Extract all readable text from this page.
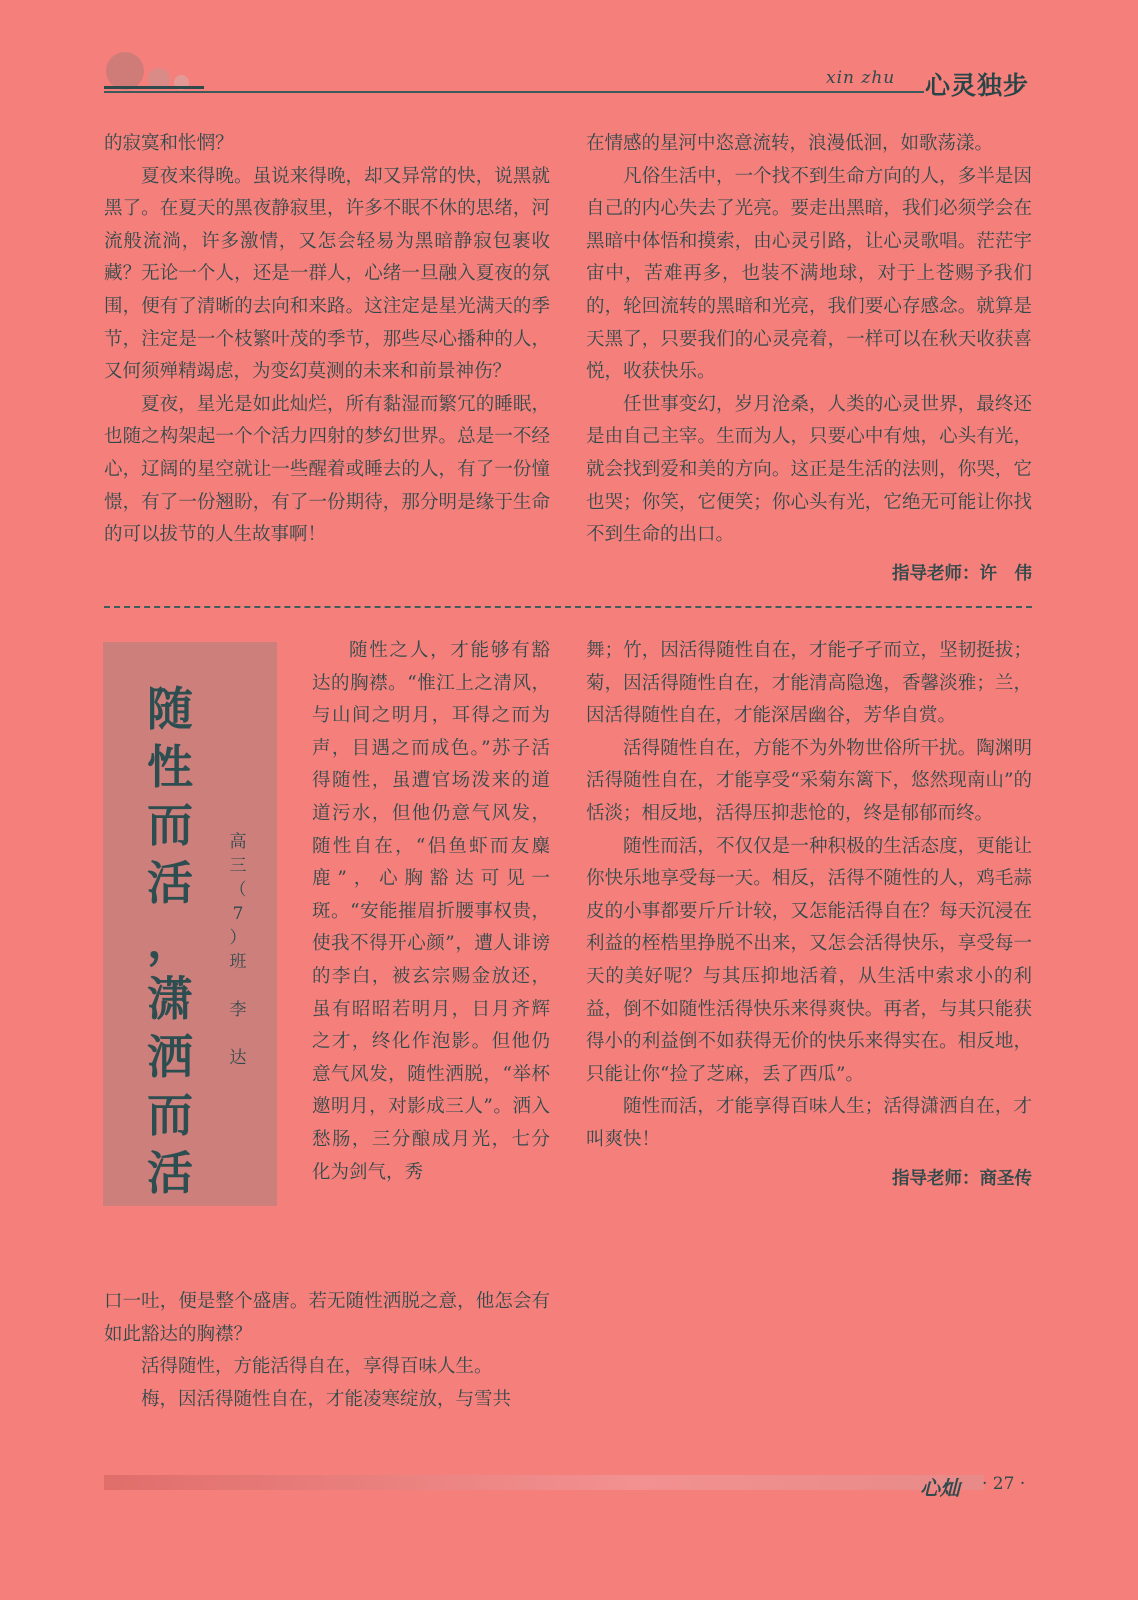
xin zhu 心灵独步

的寂寞和怅惘？

夏夜来得晚。虽说来得晚，却又异常的快，说黑就黑了。在夏天的黑夜静寂里，许多不眠不休的思绪，河流般流淌，许多激情，又怎会轻易为黑暗静寂包裹收藏？无论一个人，还是一群人，心绪一旦融入夏夜的氛围，便有了清晰的去向和来路。这注定是星光满天的季节，注定是一个枝繁叶茂的季节，那些尽心播种的人，又何须殚精竭虑，为变幻莫测的未来和前景神伤？

夏夜，星光是如此灿烂，所有黏湿而繁冗的睡眠，也随之构架起一个个活力四射的梦幻世界。总是一不经心，辽阔的星空就让一些醒着或睡去的人，有了一份憧憬，有了一份翘盼，有了一份期待，那分明是缘于生命的可以拔节的人生故事啊！

在情感的星河中恣意流转，浪漫低洄，如歌荡漾。

凡俗生活中，一个找不到生命方向的人，多半是因自己的内心失去了光亮。要走出黑暗，我们必须学会在黑暗中体悟和摸索，由心灵引路，让心灵歌唱。茫茫宇宙中，苦难再多，也装不满地球，对于上苍赐予我们的，轮回流转的黑暗和光亮，我们要心存感念。就算是天黑了，只要我们的心灵亮着，一样可以在秋天收获喜悦，收获快乐。

任世事变幻，岁月沧桑，人类的心灵世界，最终还是由自己主宰。生而为人，只要心中有烛，心头有光，就会找到爱和美的方向。这正是生活的法则，你哭，它也哭；你笑，它便笑；你心头有光，它绝无可能让你找不到生命的出口。

指导老师：许　伟

随
性
而
活
，
潇
洒
而
活
高
三
（
7
）
班

李

达

随性之人，才能够有豁达的胸襟。“惟江上之清风，与山间之明月，耳得之而为声，目遇之而成色。”苏子活得随性，虽遭官场泼来的道道污水，但他仍意气风发，随性自在，“侣鱼虾而友麋鹿”，心胸豁达可见一斑。“安能摧眉折腰事权贵，使我不得开心颜”，遭人诽谤的李白，被玄宗赐金放还，虽有昭昭若明月，日月齐辉之才，终化作泡影。但他仍意气风发，随性洒脱，“举杯邀明月，对影成三人”。洒入愁肠，三分酿成月光，七分化为剑气，秀

口一吐，便是整个盛唐。若无随性洒脱之意，他怎会有如此豁达的胸襟？

活得随性，方能活得自在，享得百味人生。

梅，因活得随性自在，才能凌寒绽放，与雪共

舞；竹，因活得随性自在，才能孑孑而立，坚韧挺拔；菊，因活得随性自在，才能清高隐逸，香馨淡雅；兰，因活得随性自在，才能深居幽谷，芳华自赏。

活得随性自在，方能不为外物世俗所干扰。陶渊明活得随性自在，才能享受“采菊东篱下，悠然现南山”的恬淡；相反地，活得压抑悲怆的，终是郁郁而终。

随性而活，不仅仅是一种积极的生活态度，更能让你快乐地享受每一天。相反，活得不随性的人，鸡毛蒜皮的小事都要斤斤计较，又怎能活得自在？每天沉浸在利益的桎梏里挣脱不出来，又怎会活得快乐，享受每一天的美好呢？与其压抑地活着，从生活中索求小的利益，倒不如随性活得快乐来得爽快。再者，与其只能获得小的利益倒不如获得无价的快乐来得实在。相反地，只能让你“捡了芝麻，丢了西瓜”。

随性而活，才能享得百味人生；活得潇洒自在，才叫爽快！

指导老师：商圣传

心灿 · 27 ·
